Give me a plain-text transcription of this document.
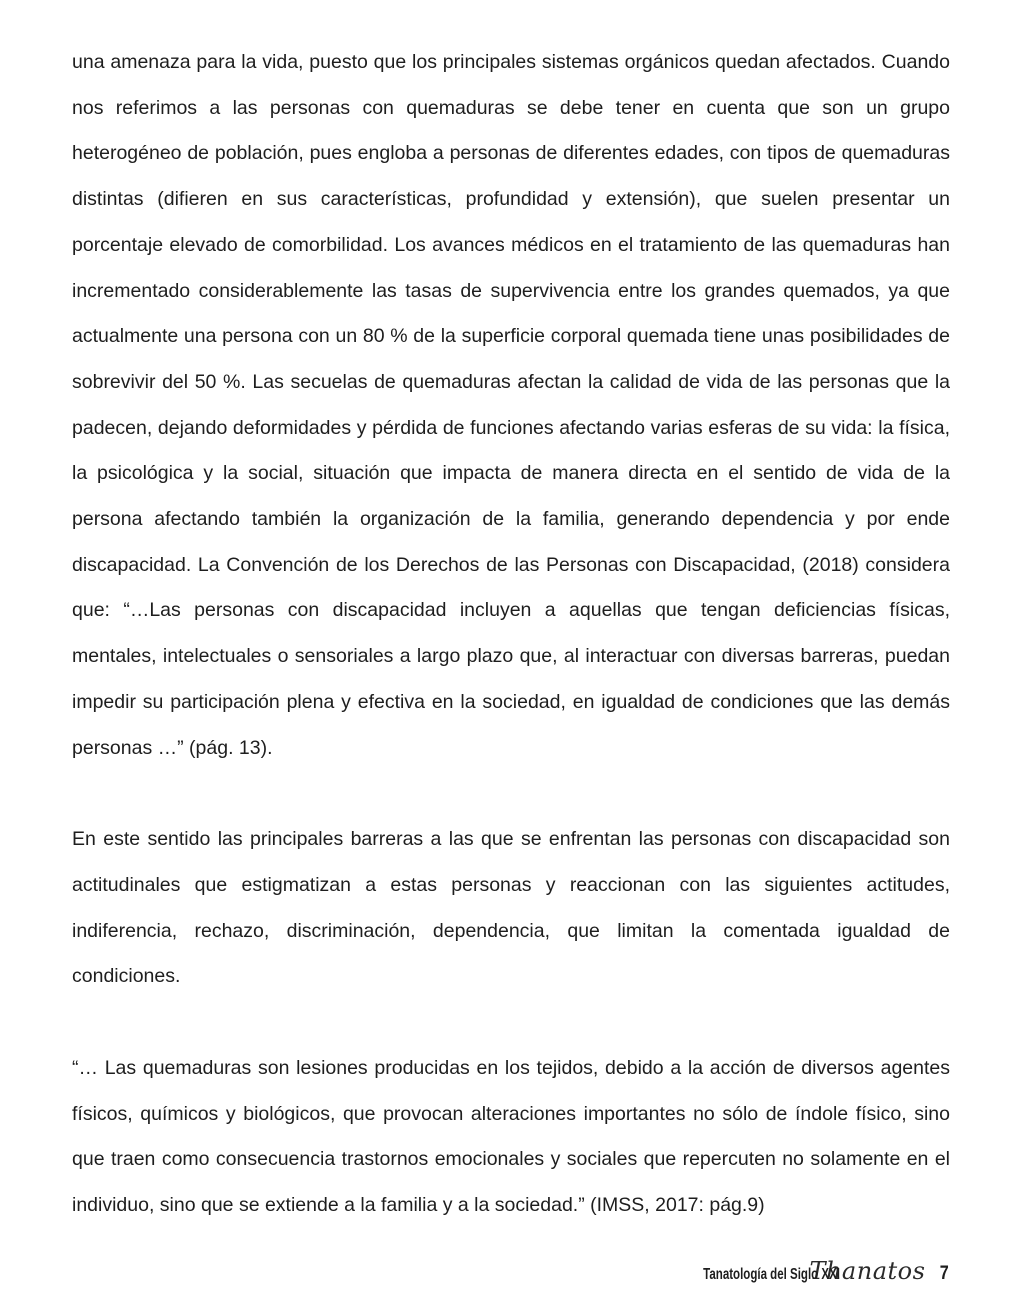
una amenaza para la vida, puesto que los principales sistemas orgánicos quedan afectados. Cuando nos referimos a las personas con quemaduras se debe tener en cuenta que son un grupo heterogéneo de población, pues engloba a personas de diferentes edades, con tipos de quemaduras distintas (difieren en sus características, profundidad y extensión), que suelen presentar un porcentaje elevado de comorbilidad. Los avances médicos en el tratamiento de las quemaduras han incrementado considerablemente las tasas de supervivencia entre los grandes quemados, ya que actualmente una persona con un 80 % de la superficie corporal quemada tiene unas posibilidades de sobrevivir del 50 %. Las secuelas de quemaduras afectan la calidad de vida de las personas que la padecen, dejando deformidades y pérdida de funciones afectando varias esferas de su vida: la física, la psicológica y la social, situación que impacta de manera directa en el sentido de vida de la persona afectando también la organización de la familia, generando dependencia y por ende discapacidad. La Convención de los Derechos de las Personas con Discapacidad, (2018) considera que: “…Las personas con discapacidad incluyen a aquellas que tengan deficiencias físicas, mentales, intelectuales o sensoriales a largo plazo que, al interactuar con diversas barreras, puedan impedir su participación plena y efectiva en la sociedad, en igualdad de condiciones que las demás personas …” (pág. 13).

En este sentido las principales barreras a las que se enfrentan las personas con discapacidad son actitudinales que estigmatizan a estas personas y reaccionan con las siguientes actitudes, indiferencia, rechazo, discriminación, dependencia, que limitan la comentada igualdad de condiciones.

“… Las quemaduras son lesiones producidas en los tejidos, debido a la acción de diversos agentes físicos, químicos y biológicos, que provocan alteraciones importantes no sólo de índole físico, sino que traen como consecuencia trastornos emocionales y sociales que repercuten no solamente en el individuo, sino que se extiende a la familia y a la sociedad.” (IMSS, 2017: pág.9)

Tanatología del Siglo XXI
Thanatos 7
